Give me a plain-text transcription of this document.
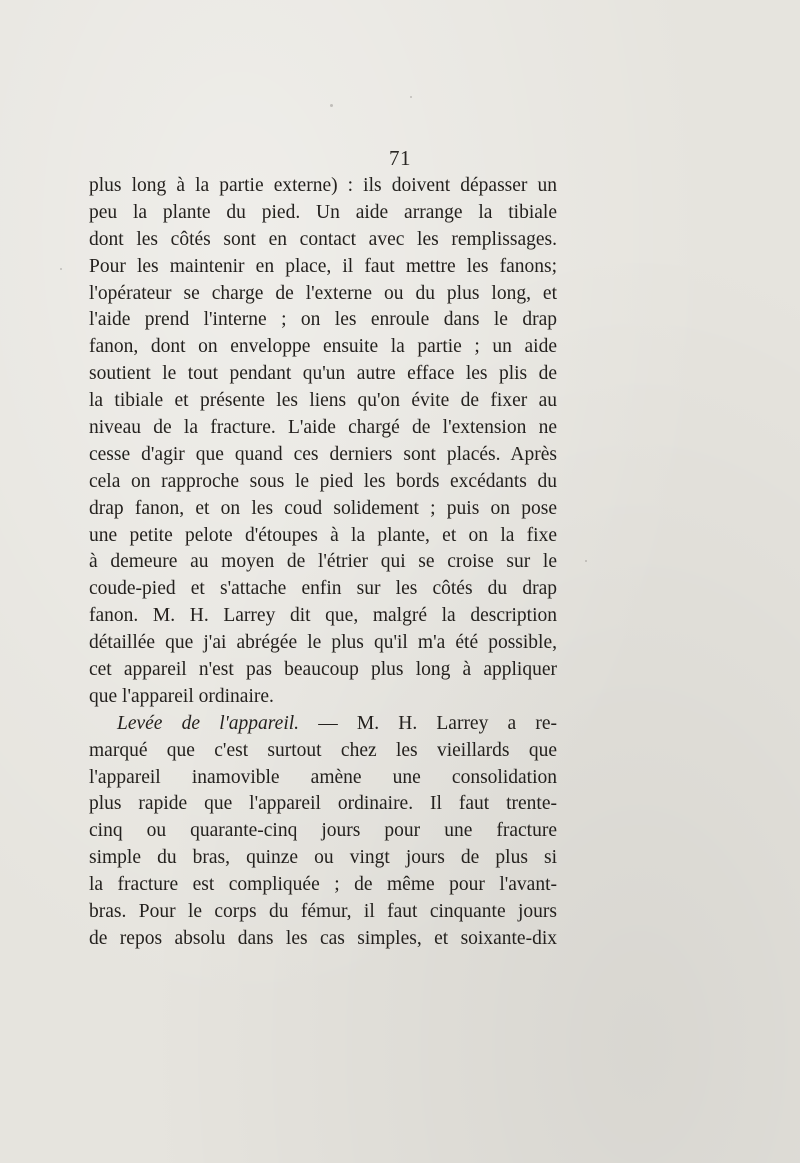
71
plus long à la partie externe) : ils doivent dépasser un
peu la plante du pied. Un aide arrange la tibiale
dont les côtés sont en contact avec les remplissages.
Pour les maintenir en place, il faut mettre les fanons;
l'opérateur se charge de l'externe ou du plus long, et
l'aide prend l'interne ; on les enroule dans le drap
fanon, dont on enveloppe ensuite la partie ; un aide
soutient le tout pendant qu'un autre efface les plis de
la tibiale et présente les liens qu'on évite de fixer au
niveau de la fracture. L'aide chargé de l'extension ne
cesse d'agir que quand ces derniers sont placés. Après
cela on rapproche sous le pied les bords excédants du
drap fanon, et on les coud solidement ; puis on pose
une petite pelote d'étoupes à la plante, et on la fixe
à demeure au moyen de l'étrier qui se croise sur le
coude-pied et s'attache enfin sur les côtés du drap
fanon. M. H. Larrey dit que, malgré la description
détaillée que j'ai abrégée le plus qu'il m'a été possible,
cet appareil n'est pas beaucoup plus long à appliquer
que l'appareil ordinaire.
Levée de l'appareil. — M. H. Larrey a re-
marqué que c'est surtout chez les vieillards que
l'appareil inamovible amène une consolidation
plus rapide que l'appareil ordinaire. Il faut trente-
cinq ou quarante-cinq jours pour une fracture
simple du bras, quinze ou vingt jours de plus si
la fracture est compliquée ; de même pour l'avant-
bras. Pour le corps du fémur, il faut cinquante jours
de repos absolu dans les cas simples, et soixante-dix
